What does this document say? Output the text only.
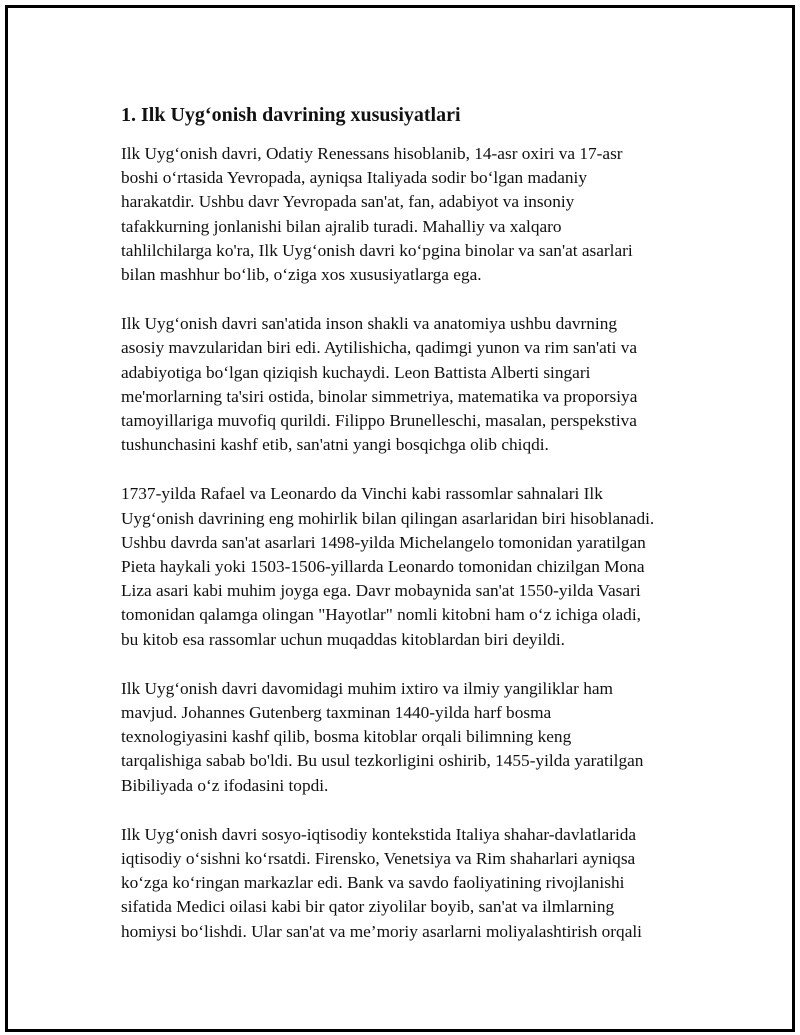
1. Ilk Uyg‘onish davrining xususiyatlari

Ilk Uyg‘onish davri, Odatiy Renessans hisoblanib, 14-asr oxiri va 17-asr
boshi o‘rtasida Yevropada, ayniqsa Italiyada sodir bo‘lgan madaniy
harakatdir. Ushbu davr Yevropada san'at, fan, adabiyot va insoniy
tafakkurning jonlanishi bilan ajralib turadi. Mahalliy va xalqaro
tahlilchilarga ko'ra, Ilk Uyg‘onish davri ko‘pgina binolar va san'at asarlari
bilan mashhur bo‘lib, o‘ziga xos xususiyatlarga ega.

Ilk Uyg‘onish davri san'atida inson shakli va anatomiya ushbu davrning
asosiy mavzularidan biri edi. Aytilishicha, qadimgi yunon va rim san'ati va
adabiyotiga bo‘lgan qiziqish kuchaydi. Leon Battista Alberti singari
me'morlarning ta'siri ostida, binolar simmetriya, matematika va proporsiya
tamoyillariga muvofiq qurildi. Filippo Brunelleschi, masalan, perspekstiva
tushunchasini kashf etib, san'atni yangi bosqichga olib chiqdi.

1737-yilda Rafael va Leonardo da Vinchi kabi rassomlar sahnalari Ilk
Uyg‘onish davrining eng mohirlik bilan qilingan asarlaridan biri hisoblanadi.
Ushbu davrda san'at asarlari 1498-yilda Michelangelo tomonidan yaratilgan
Pieta haykali yoki 1503-1506-yillarda Leonardo tomonidan chizilgan Mona
Liza asari kabi muhim joyga ega. Davr mobaynida san'at 1550-yilda Vasari
tomonidan qalamga olingan "Hayotlar" nomli kitobni ham o‘z ichiga oladi,
bu kitob esa rassomlar uchun muqaddas kitoblardan biri deyildi.

Ilk Uyg‘onish davri davomidagi muhim ixtiro va ilmiy yangiliklar ham
mavjud. Johannes Gutenberg taxminan 1440-yilda harf bosma
texnologiyasini kashf qilib, bosma kitoblar orqali bilimning keng
tarqalishiga sabab bo'ldi. Bu usul tezkorligini oshirib, 1455-yilda yaratilgan
Bibiliyada o‘z ifodasini topdi.

Ilk Uyg‘onish davri sosyo-iqtisodiy kontekstida Italiya shahar-davlatlarida
iqtisodiy o‘sishni ko‘rsatdi. Firensko, Venetsiya va Rim shaharlari ayniqsa
ko‘zga ko‘ringan markazlar edi. Bank va savdo faoliyatining rivojlanishi
sifatida Medici oilasi kabi bir qator ziyolilar boyib, san'at va ilmlarning
homiysi bo‘lishdi. Ular san'at va me’moriy asarlarni moliyalashtirish orqali
